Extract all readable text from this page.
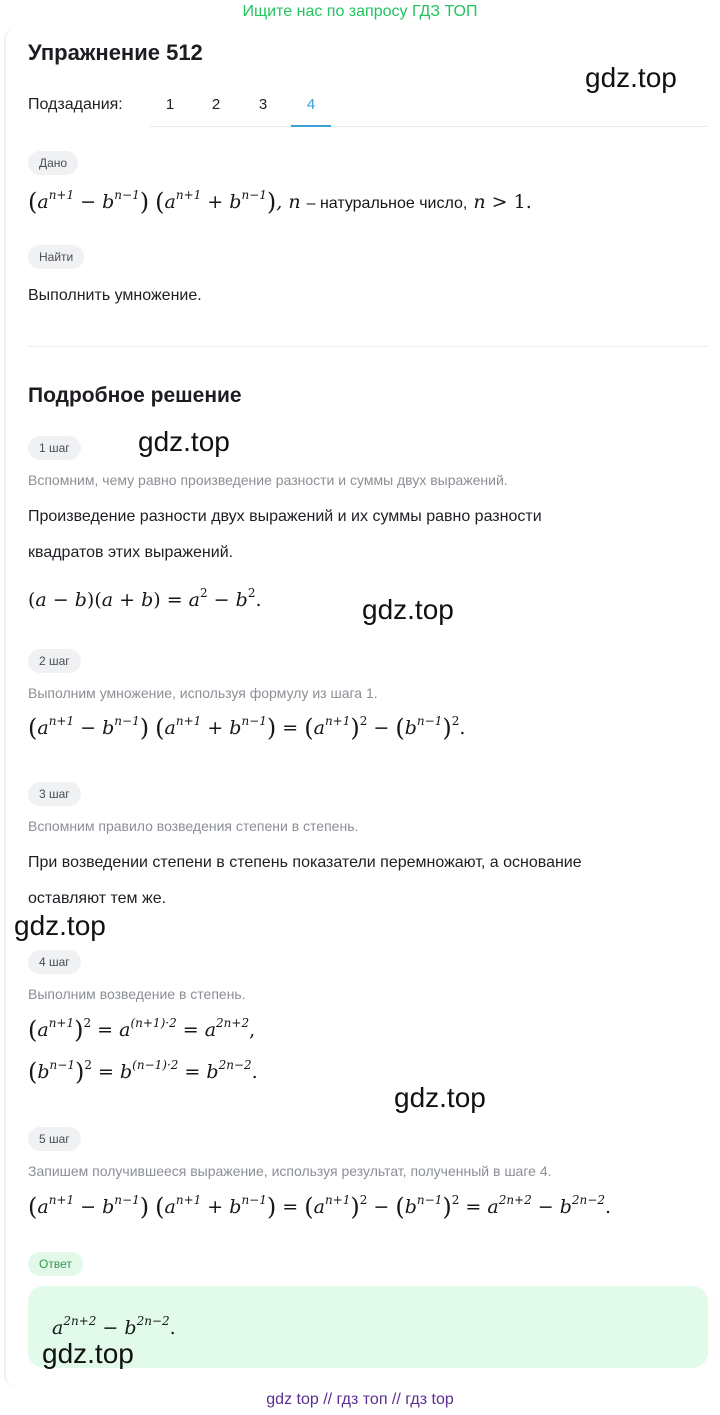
Ищите нас по запросу ГДЗ ТОП
Упражнение 512
Подзадания:	1	2	3	4
Дано
$(a^{n+1} - b^{n-1}) (a^{n+1} + b^{n-1})$, n – натуральное число, n > 1.
Найти
Выполнить умножение.
Подробное решение
1 шаг
Вспомним, чему равно произведение разности и суммы двух выражений.
Произведение разности двух выражений и их суммы равно разности
квадратов этих выражений.
$(a - b)(a + b) = a^2 - b^2$.
2 шаг
Выполним умножение, используя формулу из шага 1.
$(a^{n+1} - b^{n-1}) (a^{n+1} + b^{n-1}) = (a^{n+1})^2 - (b^{n-1})^2$.
3 шаг
Вспомним правило возведения степени в степень.
При возведении степени в степень показатели перемножают, а основание
оставляют тем же.
4 шаг
Выполним возведение в степень.
$(a^{n+1})^2 = a^{(n+1)\cdot 2} = a^{2n+2}$,
$(b^{n-1})^2 = b^{(n-1)\cdot 2} = b^{2n-2}$.
5 шаг
Запишем получившееся выражение, используя результат, полученный в шаге 4.
$(a^{n+1} - b^{n-1}) (a^{n+1} + b^{n-1}) = (a^{n+1})^2 - (b^{n-1})^2 = a^{2n+2} - b^{2n-2}$.
Ответ
$a^{2n+2} - b^{2n-2}$.
gdz.top
gdz.top
gdz.top
gdz.top
gdz.top
gdz.top
gdz top // гдз топ // гдз top
